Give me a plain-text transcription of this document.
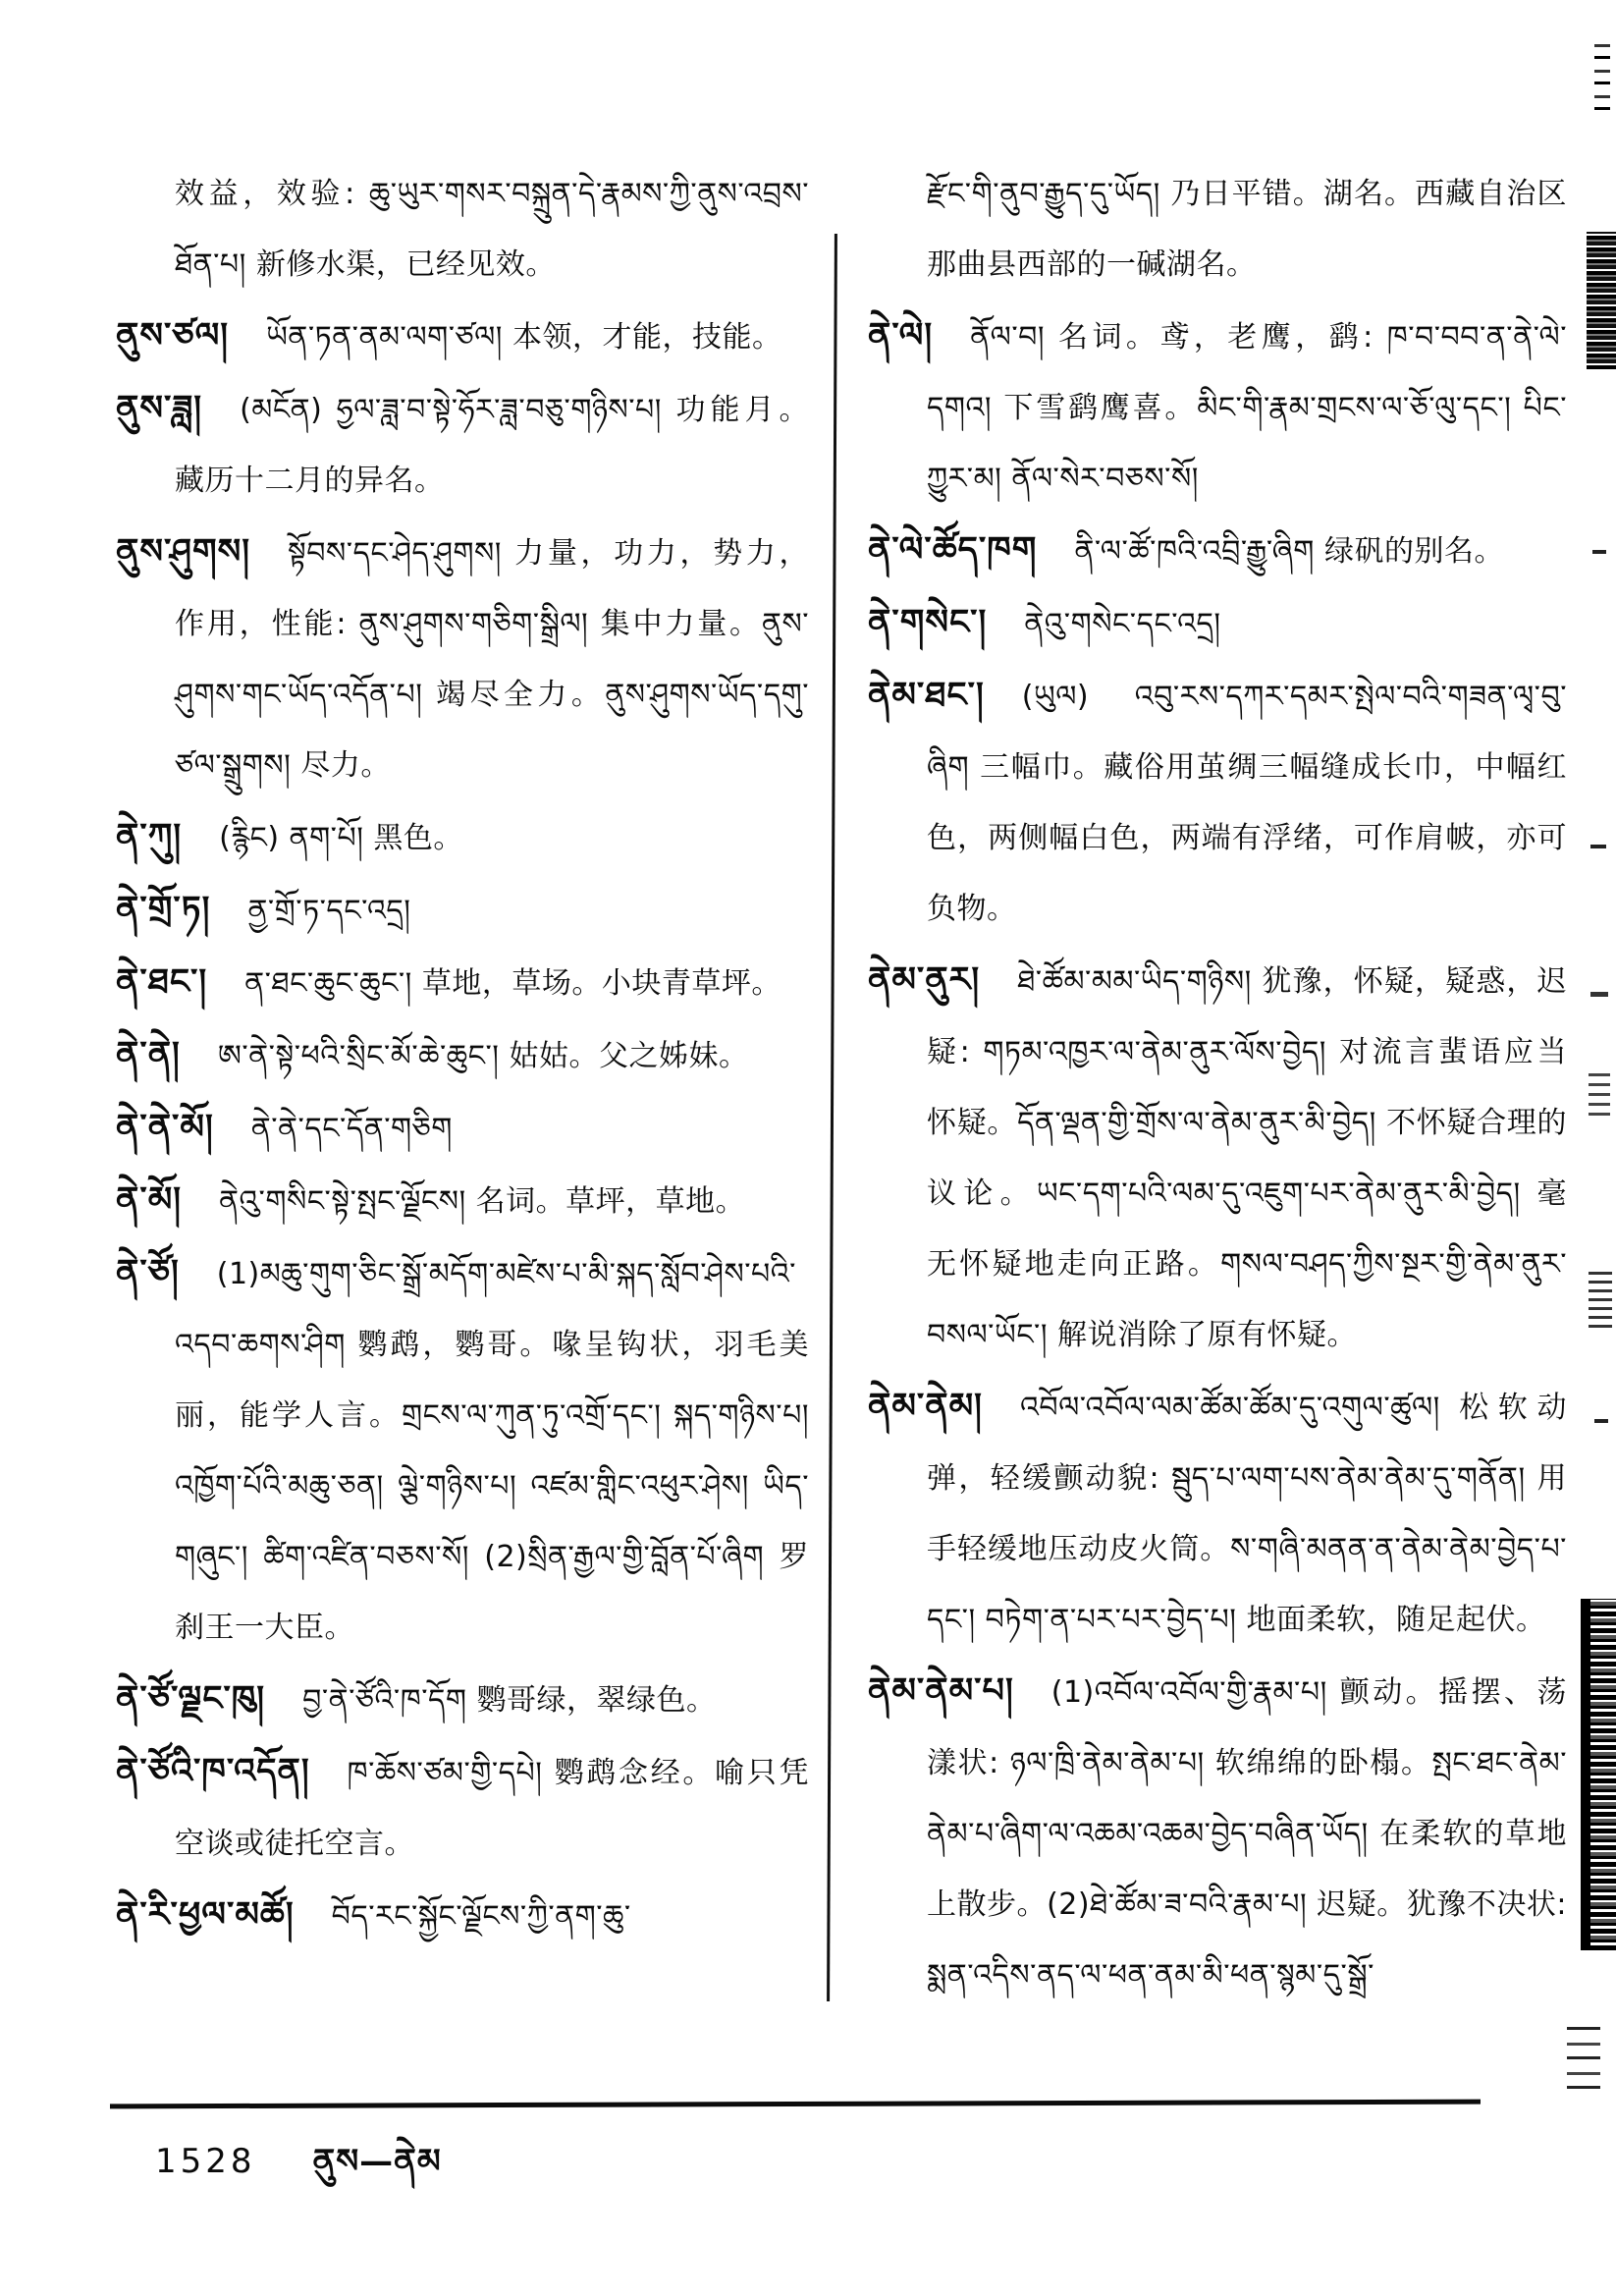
效益，效验: ཆུ་ཡུར་གསར་བསྐྲུན་དེ་རྣམས་ཀྱི་ནུས་འབྲས་ཐོན་པ། 新修水渠，已经见效。
ནུས་ཙལ། ཡོན་ཏན་ནམ་ལག་ཙལ། 本领，才能，技能。
ནུས་ཟླ། (མངོན) ཧྱལ་ཟླ་བ་སྟེ་ཧོར་ཟླ་བཅུ་གཉིས་པ། 功能月。藏历十二月的异名。
ནུས་ཤུགས། སྟོབས་དང་ཤེད་ཤུགས། 力量，功力，势力，作用，性能: ནུས་ཤུགས་གཅིག་སྒྲིལ། 集中力量。ནུས་ཤུགས་གང་ཡོད་འདོན་པ། 竭尽全力。ནུས་ཤུགས་ཡོད་དགུ་ཙལ་སྒྲུགས། 尽力。
ནེ་ཀུ། (རྙིང) ནག་པོ། 黑色。
ནེ་གྲོ་ཏ། ནྱ་གྲོ་ཏ་དང་འདྲ།
ནེ་ཐང་། ན་ཐང་ཆུང་ཆུང་། 草地，草场。小块青草坪。
ནེ་ནེ། ཨ་ནེ་སྟེ་ཕའི་སྲིང་མོ་ཆེ་ཆུང་། 姑姑。父之姊妹。
ནེ་ནེ་མོ། ནེ་ནེ་དང་དོན་གཅིག
ནེ་མོ། ནེའུ་གསིང་སྟེ་སྤང་ལྗོངས། 名词。草坪，草地。
ནེ་ཙོ། (1)མཆུ་གུག་ཅིང་སྒྲོ་མདོག་མཛེས་པ་མི་སྐད་སློབ་ཤེས་པའི་འདབ་ཆགས་ཤིག 鹦鹉，鹦哥。喙呈钩状，羽毛美丽，能学人言。གྲངས་ལ་ཀུན་ཏུ་འགྲོ་དང་། སྐད་གཉིས་པ། འཁྱོག་པོའི་མཆུ་ཅན། ལྕེ་གཉིས་པ། འཛམ་གླིང་འཕུར་ཤེས། ཡིད་གཞུང་། ཚིག་འཛིན་བཅས་སོ། (2)སྲིན་རྒྱལ་གྱི་བློན་པོ་ཞིག 罗刹王一大臣。
ནེ་ཙོ་ལྗང་ཁུ། བྱ་ནེ་ཙོའི་ཁ་དོག 鹦哥绿，翠绿色。
ནེ་ཙོའི་ཁ་འདོན། ཁ་ཆོས་ཙམ་གྱི་དཔེ། 鹦鹉念经。喻只凭空谈或徒托空言。
ནེ་རི་ཕྱལ་མཚོ། བོད་རང་སྐྱོང་ལྗོངས་ཀྱི་ནག་ཆུ་
རྫོང་གི་ནུབ་རྒྱུད་དུ་ཡོད། 乃日平错。湖名。西藏自治区那曲县西部的一碱湖名。
ནེ་ལེ། ནོལ་བ། 名词。鸢，老鹰，鹞: ཁ་བ་བབ་ན་ནེ་ལེ་དགའ། 下雪鹞鹰喜。མིང་གི་རྣམ་གྲངས་ལ་ཅོ་ལུ་དང་། པིང་ཀྱུར་མ། ནོལ་སེར་བཅས་སོ།
ནེ་ལེ་ཚོད་ཁག ནི་ལ་ཚོ་ཁའི་འབྲི་རྒྱུ་ཞིག 绿矾的别名。
ནེ་གསེང་། ནེའུ་གསེང་དང་འདྲ།
ནེམ་ཐང་། (ཡུལ) འབུ་རས་དཀར་དམར་སྤེལ་བའི་གཟན་ལྭ་བུ་ཞིག 三幅巾。藏俗用茧绸三幅缝成长巾，中幅红色，两侧幅白色，两端有浮绪，可作肩帔，亦可负物。
ནེམ་ནུར། ཐེ་ཚོམ་མམ་ཡིད་གཉིས། 犹豫，怀疑，疑惑，迟疑: གཏམ་འཁྱར་ལ་ནེམ་ནུར་ལོས་བྱེད། 对流言蜚语应当怀疑。དོན་ལྡན་གྱི་གྲོས་ལ་ནེམ་ནུར་མི་བྱེད། 不怀疑合理的议论。ཡང་དག་པའི་ལམ་དུ་འཇུག་པར་ནེམ་ནུར་མི་བྱེད། 毫无怀疑地走向正路。གསལ་བཤད་ཀྱིས་སྔར་གྱི་ནེམ་ནུར་བསལ་ཡོང་། 解说消除了原有怀疑。
ནེམ་ནེམ། འབོལ་འབོལ་ལམ་ཚོམ་ཚོམ་དུ་འགུལ་ཚུལ། 松软动弹，轻缓颤动貌: སྦུད་པ་ལག་པས་ནེམ་ནེམ་དུ་གནོན། 用手轻缓地压动皮火筒。ས་གཞི་མནན་ན་ནེམ་ནེམ་བྱེད་པ་དང་། བཏེག་ན་པར་པར་བྱེད་པ། 地面柔软，随足起伏。
ནེམ་ནེམ་པ། (1)འབོལ་འབོལ་གྱི་རྣམ་པ། 颤动。摇摆、荡漾状: ཉལ་ཁྲི་ནེམ་ནེམ་པ། 软绵绵的卧榻。སྤང་ཐང་ནེམ་ནེམ་པ་ཞིག་ལ་འཆམ་འཆམ་བྱེད་བཞིན་ཡོད། 在柔软的草地上散步。(2)ཐེ་ཚོམ་ཟ་བའི་རྣམ་པ། 迟疑。犹豫不决状: སྨན་འདིས་ནད་ལ་ཕན་ནམ་མི་ཕན་སྙམ་དུ་སྒྲོ་
1528 ནུས—ནེམ
